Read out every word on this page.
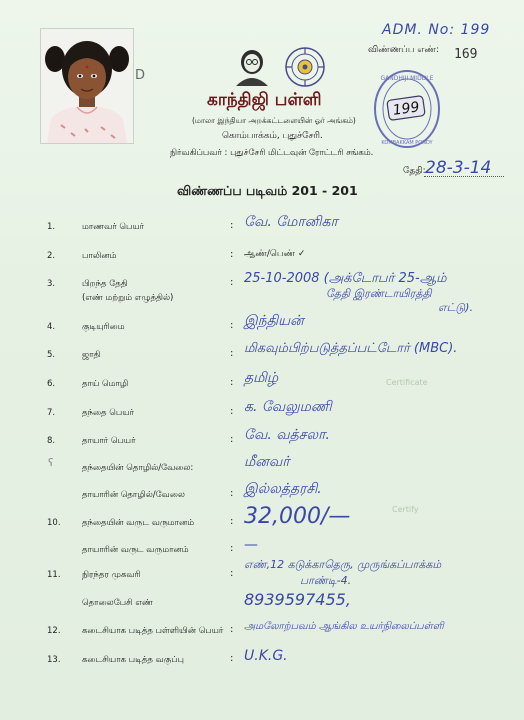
D
ADM. No: 199
விண்ணப்ப எண்: 169
GANDHIJI MIDDLE
KOMBAKKAM PONDY
199
காந்திஜி பள்ளி
(மாலா இந்தியா அறக்கட்டளையின் ஓர் அங்கம்)
கொம்பாக்கம், புதுச்சேரி.
நிர்வகிப்பவர் : புதுச்சேரி மிட்டவுன் ரோட்டரி சங்கம்.
தேதி: 28-3-14
விண்ணப்ப படிவம் 201 - 201
Certificate
Certify
ʕ
1.	மாணவர் பெயர்	: வே. மோனிகா
2.	பாலினம்	: ஆண்/பெண் ✓
3.	பிறந்த தேதி
(எண் மற்றும் எழுத்தில்)
: 25-10-2008 (அக்டோபர் 25-ஆம்
தேதி இரண்டாயிரத்தி
எட்டு).
4.	குடியுரிமை	: இந்தியன்
5.	ஜாதி	: மிகவும்பிற்படுத்தப்பட்டோர் (MBC).
6.	தாய் மொழி	: தமிழ்
7.	தந்தை பெயர்	: க. வேலுமணி
8.	தாயார் பெயர்	: வே. வத்சலா.
தந்தையின் தொழில்/வேலை:	மீனவர்
தாயாரின் தொழில்/வேலை	: இல்லத்தரசி.
10.	தந்தையின் வருட வருமானம்	: 32,000/—
தாயாரின் வருட வருமானம்	: —
11.	நிரந்தர முகவரி	:
எண்,12 கடுக்காதெரு, முருங்கப்பாக்கம்
பாண்டி-4.
தொலைபேசி எண்	8939597455,
12.	கடைசியாக படித்த பள்ளியின் பெயர் : அமலோற்பவம் ஆங்கில உயர்நிலைப்பள்ளி
13.	கடைசியாக படித்த வகுப்பு	: U.K.G.
